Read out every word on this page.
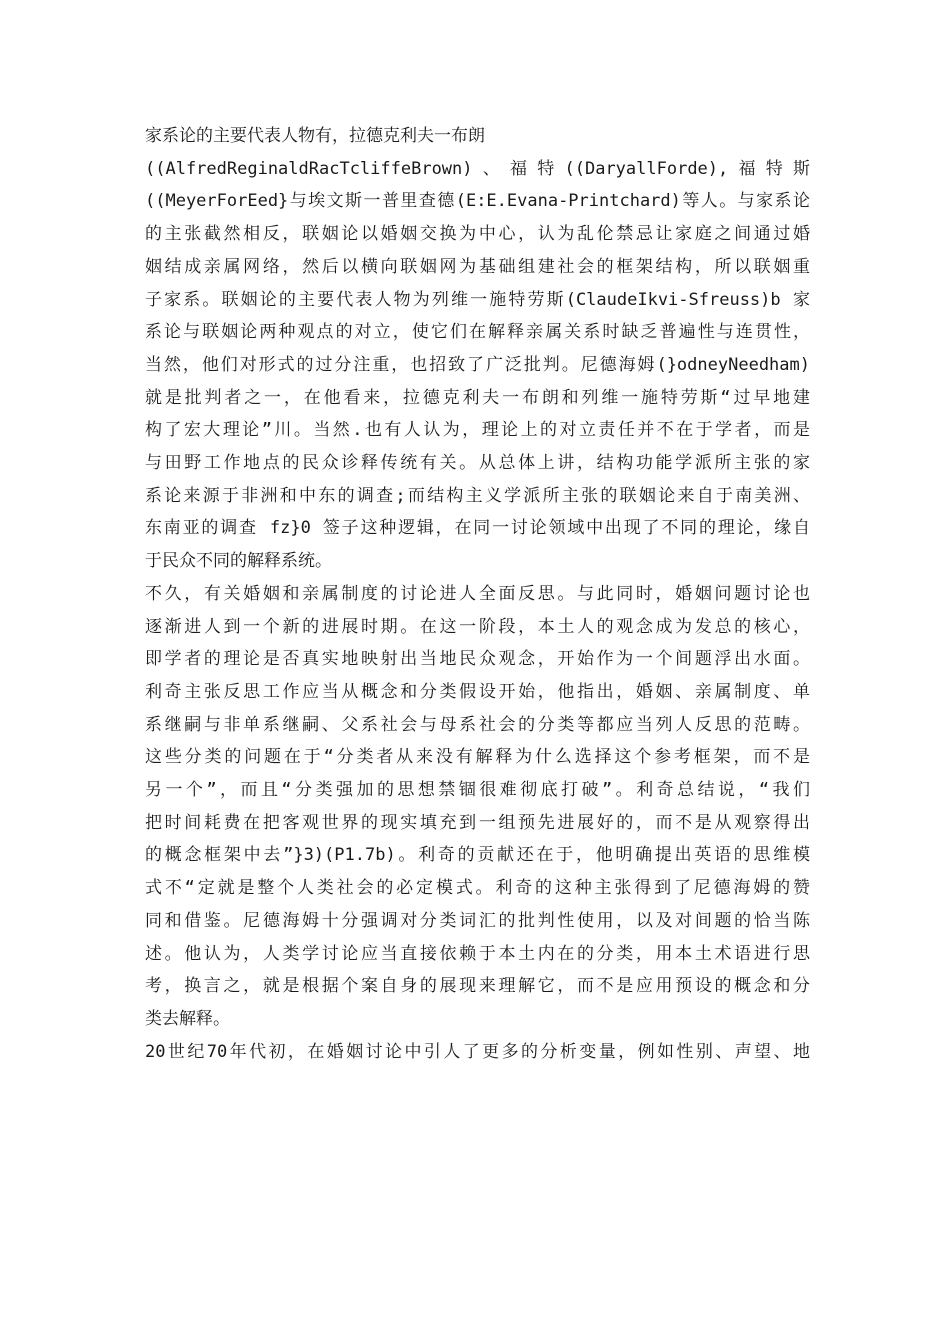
家系论的主要代表人物有，拉德克利夫一布朗
((AlfredReginaldRacTcliffeBrown) 、 福 特 ((DaryallForde), 福 特 斯
((MeyerForEed}与埃文斯一普里查德(E:E.Evana-Printchard)等人。与家系论
的主张截然相反，联姻论以婚姻交换为中心，认为乱伦禁忌让家庭之间通过婚
姻结成亲属网络，然后以横向联姻网为基础组建社会的框架结构，所以联姻重
子家系。联姻论的主要代表人物为列维一施特劳斯(ClaudeIkvi-Sfreuss)b 家
系论与联姻论两种观点的对立，使它们在解释亲属关系时缺乏普遍性与连贯性，
当然，他们对形式的过分注重，也招致了广泛批判。尼德海姆(}odneyNeedham)
就是批判者之一，在他看来，拉德克利夫一布朗和列维一施特劳斯“过早地建
构了宏大理论”川。当然.也有人认为，理论上的对立责任并不在于学者，而是
与田野工作地点的民众诊释传统有关。从总体上讲，结构功能学派所主张的家
系论来源于非洲和中东的调查;而结构主义学派所主张的联姻论来自于南美洲、
东南亚的调查 fz}0 签子这种逻辑，在同一讨论领域中出现了不同的理论，缘自
于民众不同的解释系统。
不久，有关婚姻和亲属制度的讨论进人全面反思。与此同时，婚姻问题讨论也
逐渐进人到一个新的进展时期。在这一阶段，本土人的观念成为发总的核心，
即学者的理论是否真实地映射出当地民众观念，开始作为一个间题浮出水面。
利奇主张反思工作应当从概念和分类假设开始，他指出，婚姻、亲属制度、单
系继嗣与非单系继嗣、父系社会与母系社会的分类等都应当列人反思的范畴。
这些分类的问题在于“分类者从来没有解释为什么选择这个参考框架，而不是
另一个”，而且“分类强加的思想禁锢很难彻底打破”。利奇总结说，“我们
把时间耗费在把客观世界的现实填充到一组预先进展好的，而不是从观察得出
的概念框架中去”}3)(P1.7b)。利奇的贡献还在于，他明确提出英语的思维模
式不“定就是整个人类社会的必定模式。利奇的这种主张得到了尼德海姆的赞
同和借鉴。尼德海姆十分强调对分类词汇的批判性使用，以及对间题的恰当陈
述。他认为，人类学讨论应当直接依赖于本土内在的分类，用本土术语进行思
考，换言之，就是根据个案自身的展现来理解它，而不是应用预设的概念和分
类去解释。
20世纪70年代初，在婚姻讨论中引人了更多的分析变量，例如性别、声望、地
